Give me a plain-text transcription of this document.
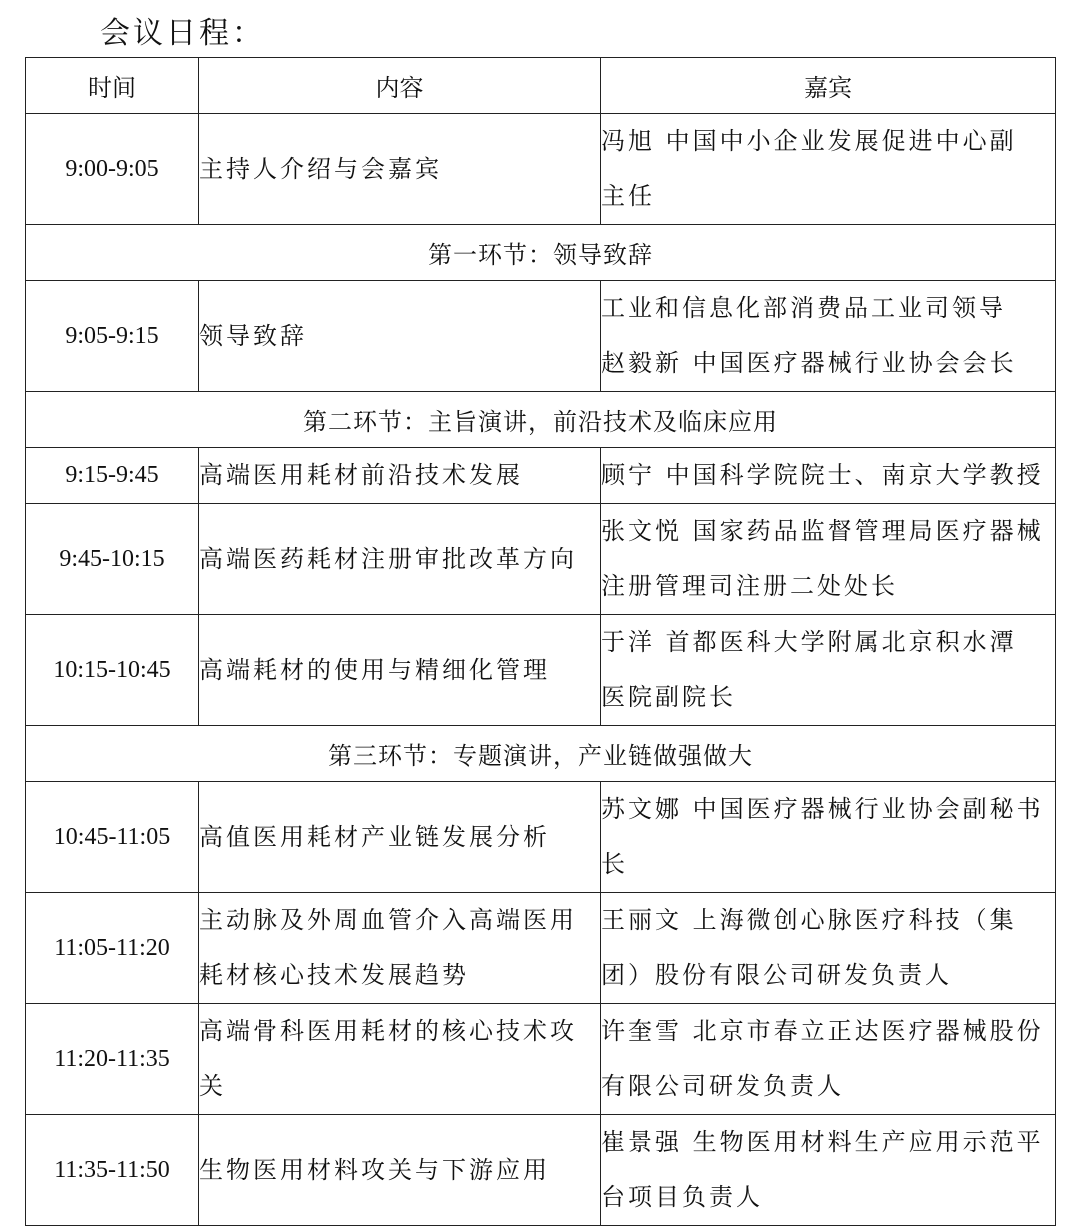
会议日程：
时间	内容	嘉宾
9:00-9:05	主持人介绍与会嘉宾	冯旭 中国中小企业发展促进中心副
主任

第一环节：领导致辞		
9:05-9:15	领导致辞	工业和信息化部消费品工业司领导
赵毅新 中国医疗器械行业协会会长

第二环节：主旨演讲，前沿技术及临床应用		
9:15-9:45	高端医用耗材前沿技术发展	顾宁 中国科学院院士、南京大学教授

9:45-10:15	高端医药耗材注册审批改革方向	张文悦 国家药品监督管理局医疗器械
注册管理司注册二处处长

10:15-10:45	高端耗材的使用与精细化管理	于洋 首都医科大学附属北京积水潭
医院副院长

第三环节：专题演讲，产业链做强做大		
10:45-11:05	高值医用耗材产业链发展分析	苏文娜 中国医疗器械行业协会副秘书
长

11:05-11:20	主动脉及外周血管介入高端医用
耗材核心技术发展趋势	王丽文 上海微创心脉医疗科技（集
团）股份有限公司研发负责人

11:20-11:35	高端骨科医用耗材的核心技术攻
关	许奎雪 北京市春立正达医疗器械股份
有限公司研发负责人

11:35-11:50	生物医用材料攻关与下游应用	崔景强 生物医用材料生产应用示范平
台项目负责人
